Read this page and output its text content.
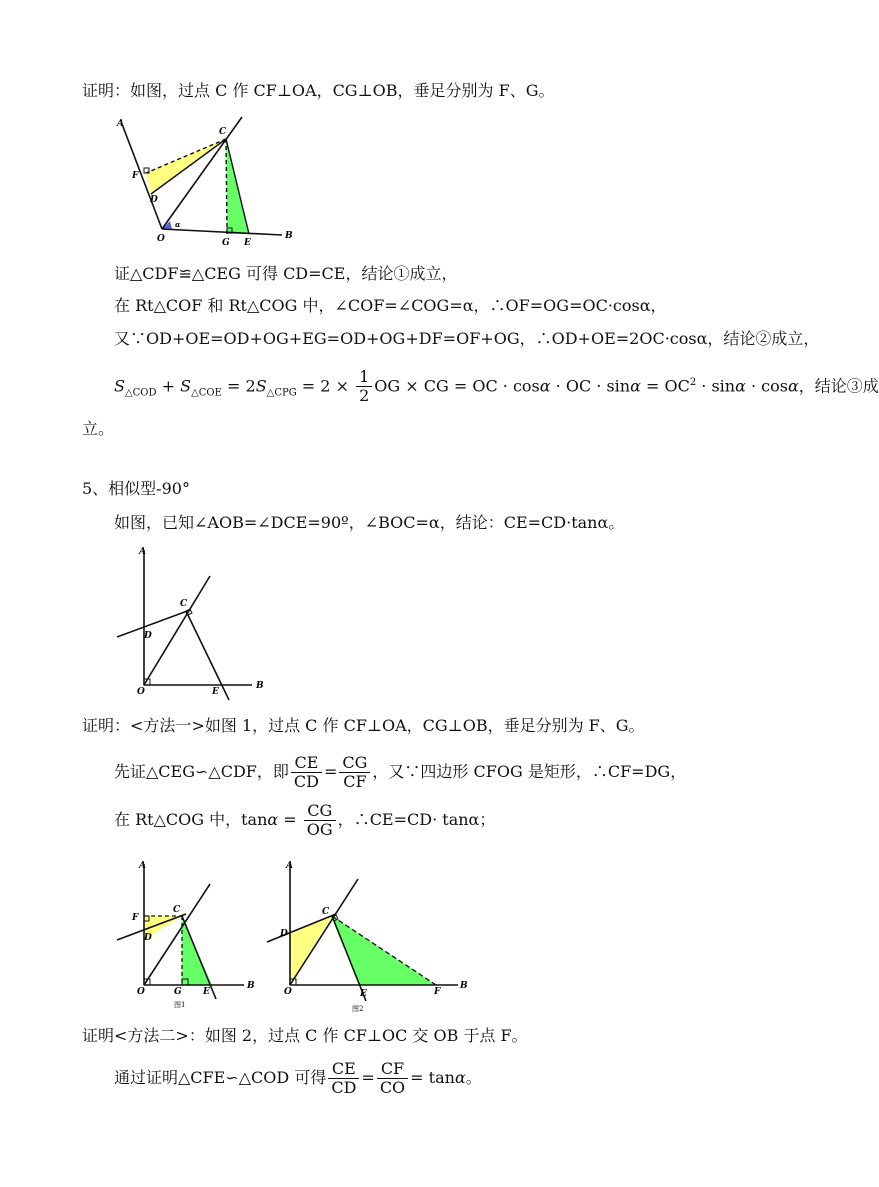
证明：如图，过点 C 作 CF⊥OA，CG⊥OB，垂足分别为 F、G。
A
C
F
D
O	G E
B
α
证△CDF≌△CEG 可得 CD=CE，结论①成立，
在 Rt△COF 和 Rt△COG 中，∠COF=∠COG=α，∴OF=OG=OC·cosα，
又∵OD+OE=OD+OG+EG=OD+OG+DF=OF+OG，∴OD+OE=2OC·cosα，结论②成立，
$S_{\triangle COD} + S_{\triangle COE} = 2S_{\triangle CPG} = 2 \times \frac{1}{2}$ OG × CG = OC · cosα · OC · $\sin\alpha = OC^2 \cdot \sin\alpha \cdot \cos\alpha$，结论③成
立。
5、相似型-90°
如图，已知∠AOB=∠DCE=90º，∠BOC=α，结论：CE=CD·tanα。
A
C
D
O	E
B
证明：<方法一>如图 1，过点 C 作 CF⊥OA，CG⊥OB，垂足分别为 F、G。
先证△CEG∽△CDF，即 $\frac{CE}{CD} = \frac{CG}{CF}$ ，又∵四边形 CFOG 是矩形，∴CF=DG，
在 Rt△COG 中，$\tan\alpha = \frac{CG}{OG}$ ，∴CE=CD· tanα；
A
F
C
D
O	G E
B
图1
A
C
D
O	E	F
B
图2
证明<方法二>：如图 2，过点 C 作 CF⊥OC 交 OB 于点 F。
通过证明△CFE∽△COD 可得 $\frac{CE}{CD} = \frac{CF}{CO} = \tan\alpha$。
